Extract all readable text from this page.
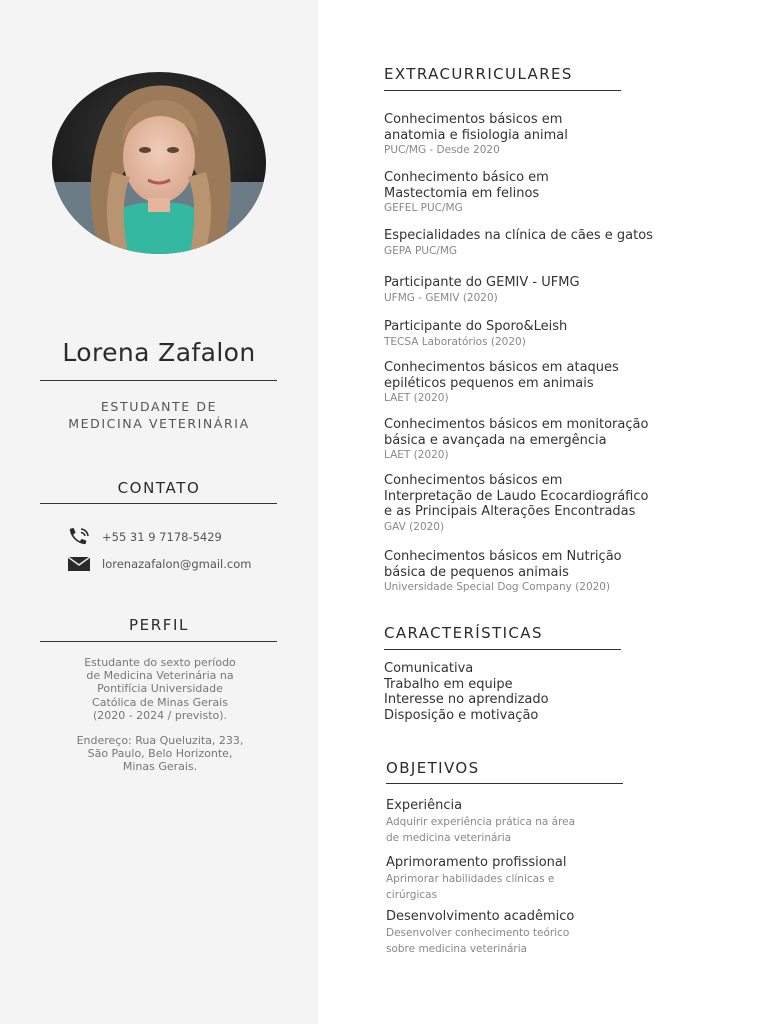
Lorena Zafalon
ESTUDANTE DE
MEDICINA VETERINÁRIA
CONTATO
+55 31 9 7178-5429
lorenazafalon@gmail.com
PERFIL

Estudante do sexto período

de Medicina Veterinária na

Pontifícia Universidade

Católica de Minas Gerais

(2020 - 2024 / previsto).

Endereço: Rua Queluzita, 233,

São Paulo, Belo Horizonte,

Minas Gerais.

EXTRACURRICULARES
Conhecimentos básicos em
anatomia e fisiologia animal
PUC/MG - Desde 2020
Conhecimento básico em
Mastectomia em felinos
GEFEL PUC/MG
Especialidades na clínica de cães e gatos
GEPA PUC/MG
Participante do GEMIV - UFMG
UFMG - GEMIV (2020)
Participante do Sporo&Leish
TECSA Laboratórios (2020)
Conhecimentos básicos em ataques
epiléticos pequenos em animais
LAET (2020)
Conhecimentos básicos em monitoração
básica e avançada na emergência
LAET (2020)
Conhecimentos básicos em
Interpretação de Laudo Ecocardiográfico
e as Principais Alterações Encontradas
GAV (2020)
Conhecimentos básicos em Nutrição
básica de pequenos animais
Universidade Special Dog Company (2020)
CARACTERÍSTICAS
Comunicativa
Trabalho em equipe
Interesse no aprendizado
Disposição e motivação
OBJETIVOS
Experiência
Adquirir experiência prática na área
de medicina veterinária
Aprimoramento profissional
Aprimorar habilidades clínicas e
cirúrgicas
Desenvolvimento acadêmico
Desenvolver conhecimento teórico
sobre medicina veterinária
